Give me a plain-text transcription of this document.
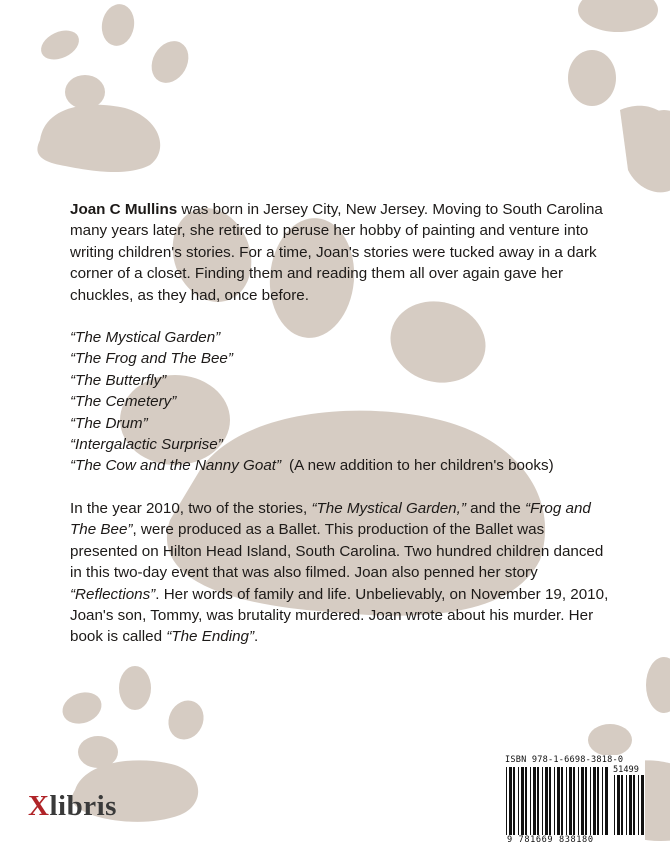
Joan C Mullins was born in Jersey City, New Jersey. Moving to South Carolina many years later, she retired to peruse her hobby of painting and venture into writing children's stories. For a time, Joan's stories were tucked away in a dark corner of a closet. Finding them and reading them all over again gave her chuckles, as they had, once before.

“The Mystical Garden”
“The Frog and The Bee”
“The Butterfly”
“The Cemetery”
“The Drum”
“Intergalactic Surprise”
“The Cow and the Nanny Goat” (A new addition to her children's books)

In the year 2010, two of the stories, “The Mystical Garden,” and the “Frog and The Bee”, were produced as a Ballet. This production of the Ballet was presented on Hilton Head Island, South Carolina. Two hundred children danced in this two-day event that was also filmed. Joan also penned her story “Reflections”. Her words of family and life. Unbelievably, on November 19, 2010, Joan's son, Tommy, was brutality murdered. Joan wrote about his murder. Her book is called “The Ending”.

Xlibris
ISBN 978-1-6698-3818-0
51499
9 781669 838180
